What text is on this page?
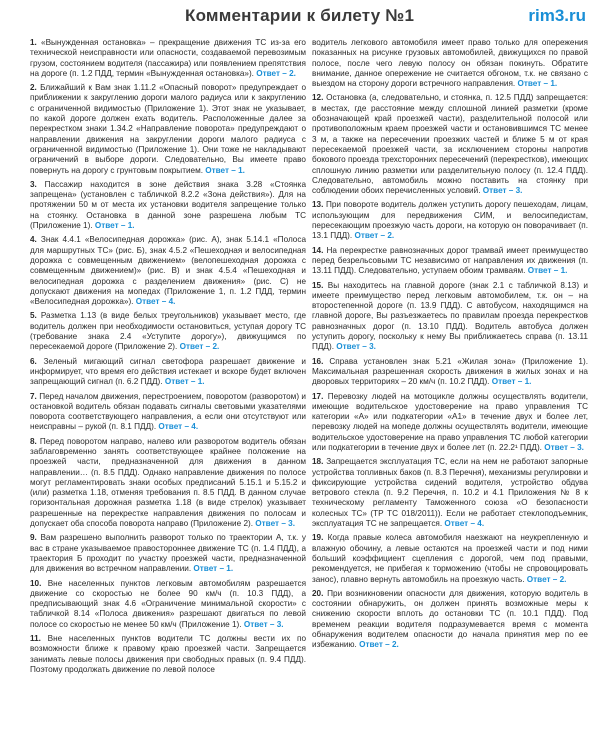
Комментарии к билету №1	rim3.ru
1. «Вынужденная остановка» – прекращение движения ТС из-за его технической неисправности или опасности, создаваемой перевозимым грузом, состоянием водителя (пассажира) или появлением препятствия на дороге (п. 1.2 ПДД, термин «Вынужденная остановка»). Ответ – 2.
2. Ближайший к Вам знак 1.11.2 «Опасный поворот» предупреждает о приближении к закруглению дороги малого радиуса или к закруглению с ограниченной видимостью (Приложение 1). Этот знак не указывает, по какой дороге должен ехать водитель. Расположенные далее за перекрестком знаки 1.34.2 «Направление поворота» предупреждают о направлении движения на закруглении дороги малого радиуса с ограниченной видимостью (Приложение 1). Они тоже не накладывают ограничений в выборе дороги. Следовательно, Вы имеете право повернуть на дорогу с грунтовым покрытием. Ответ – 1.
3. Пассажир находится в зоне действия знака 3.28 «Стоянка запрещена» (установлен с табличкой 8.2.2 «Зона действия»). Для на протяжении 50 м от места их установки водителя запрещение только на стоянку. Остановка в данной зоне разрешена любым ТС (Приложение 1). Ответ – 1.
4. Знак 4.4.1 «Велосипедная дорожка» (рис. А), знак 5.14.1 «Полоса для маршрутных ТС» (рис. Б), знак 4.5.2 «Пешеходная и велосипедная дорожка с совмещенным движением» (велопешеходная дорожка с совмещенным движением)» (рис. В) и знак 4.5.4 «Пешеходная и велосипедная дорожка с разделением движения» (рис. С) не допускают движения на мопедах (Приложение 1, п. 1.2 ПДД, термин «Велосипедная дорожка»). Ответ – 4.
5. Разметка 1.13 (в виде белых треугольников) указывает место, где водитель должен при необходимости остановиться, уступая дорогу ТС (требование знака 2.4 «Уступите дорогу»), движущимся по пересекаемой дороге (Приложение 2). Ответ – 2.
6. Зеленый мигающий сигнал светофора разрешает движение и информирует, что время его действия истекает и вскоре будет включен запрещающий сигнал (п. 6.2 ПДД). Ответ – 1.
7. Перед началом движения, перестроением, поворотом (разворотом) и остановкой водитель обязан подавать сигналы световыми указателями поворота соответствующего направления, а если они отсутствуют или неисправны – рукой (п. 8.1 ПДД). Ответ – 4.
8. Перед поворотом направо, налево или разворотом водитель обязан заблаговременно занять соответствующее крайнее положение на проезжей части, предназначенной для движения в данном направлении… (п. 8.5 ПДД). Однако направление движения по полосе могут регламентировать знаки особых предписаний 5.15.1 и 5.15.2 и (или) разметка 1.18, отменяя требования п. 8.5 ПДД. В данном случае горизонтальная дорожная разметка 1.18 (в виде стрелок) указывает разрешенные на перекрестке направления движения по полосам и допускает оба способа поворота направо (Приложение 2). Ответ – 3.
9. Вам разрешено выполнить разворот только по траектории А, т.к. у вас в стране указываемое правостороннее движение ТС (п. 1.4 ПДД), а траектория Б проходит по участку проезжей части, предназначенной для движения во встречном направлении. Ответ – 1.
10. Вне населенных пунктов легковым автомобилям разрешается движение со скоростью не более 90 км/ч (п. 10.3 ПДД), а предписывающий знак 4.6 «Ограничение минимальной скорости» с табличкой 8.14 «Полоса движения» разрешают двигаться по левой полосе со скоростью не менее 50 км/ч (Приложение 1). Ответ – 3.
11. Вне населенных пунктов водители ТС должны вести их по возможности ближе к правому краю проезжей части. Запрещается занимать левые полосы движения при свободных правых (п. 9.4 ПДД). Поэтому продолжать движение по левой полосе
водитель легкового автомобиля имеет право только для опережения показанных на рисунке грузовых автомобилей, движущихся по правой полосе, после чего левую полосу он обязан покинуть. Обратите внимание, данное опережение не считается обгоном, т.к. не связано с выездом на сторону дороги встречного направления. Ответ – 1.
12. Остановка (а, следовательно, и стоянка, п. 12.5 ПДД) запрещается: в местах, где расстояние между сплошной линией разметки (кроме обозначающей край проезжей части), разделительной полосой или противоположным краем проезжей части и остановившимся ТС менее 3 м, а также на пересечении проезжих частей и ближе 5 м от края пересекаемой проезжей части, за исключением стороны напротив бокового проезда трехсторонних пересечений (перекрестков), имеющих сплошную линию разметки или разделительную полосу (п. 12.4 ПДД). Следовательно, автомобиль можно поставить на стоянку при соблюдении обоих перечисленных условий. Ответ – 3.
13. При повороте водитель должен уступить дорогу пешеходам, лицам, использующим для передвижения СИМ, и велосипедистам, пересекающим проезжую часть дороги, на которую он поворачивает (п. 13.1 ПДД). Ответ – 2.
14. На перекрестке равнозначных дорог трамвай имеет преимущество перед безрельсовыми ТС независимо от направления их движения (п. 13.11 ПДД). Следовательно, уступаем обоим трамваям. Ответ – 1.
15. Вы находитесь на главной дороге (знак 2.1 с табличкой 8.13) и имеете преимущество перед легковым автомобилем, т.к. он – на второстепенной дороге (п. 13.9 ПДД). С автобусом, находящимся на главной дороге, Вы разъезжаетесь по правилам проезда перекрестков равнозначных дорог (п. 13.10 ПДД). Водитель автобуса должен уступить дорогу, поскольку к нему Вы приближаетесь справа (п. 13.11 ПДД). Ответ – 3.
16. Справа установлен знак 5.21 «Жилая зона» (Приложение 1). Максимальная разрешенная скорость движения в жилых зонах и на дворовых территориях – 20 км/ч (п. 10.2 ПДД). Ответ – 1.
17. Перевозку людей на мотоцикле должны осуществлять водители, имеющие водительское удостоверение на право управления ТС категории «А» или подкатегории «А1» в течение двух и более лет, перевозку людей на мопеде должны осуществлять водители, имеющие водительское удостоверение на право управления ТС любой категории или подкатегории в течение двух и более лет (п. 22.2¹ ПДД). Ответ – 3.
18. Запрещается эксплуатация ТС, если на нем не работают запорные устройства топливных баков (п. 8.3 Перечня), механизмы регулировки и фиксирующие устройства сидений водителя, устройство обдува ветрового стекла (п. 9.2 Перечня, п. 10.2 и 4.1 Приложения № 8 к техническому регламенту Таможенного союза «О безопасности колесных ТС» (ТР ТС 018/2011)). Если не работает стеклоподъемник, эксплуатация ТС не запрещается. Ответ – 4.
19. Когда правые колеса автомобиля наезжают на неукрепленную и влажную обочину, а левые остаются на проезжей части и под ними больший коэффициент сцепления с дорогой, чем под правыми, рекомендуется, не прибегая к торможению (чтобы не спровоцировать занос), плавно вернуть автомобиль на проезжую часть. Ответ – 2.
20. При возникновении опасности для движения, которую водитель в состоянии обнаружить, он должен принять возможные меры к снижению скорости вплоть до остановки ТС (п. 10.1 ПДД). Под временем реакции водителя подразумевается время с момента обнаружения водителем опасности до начала принятия мер по ее избежанию. Ответ – 2.
